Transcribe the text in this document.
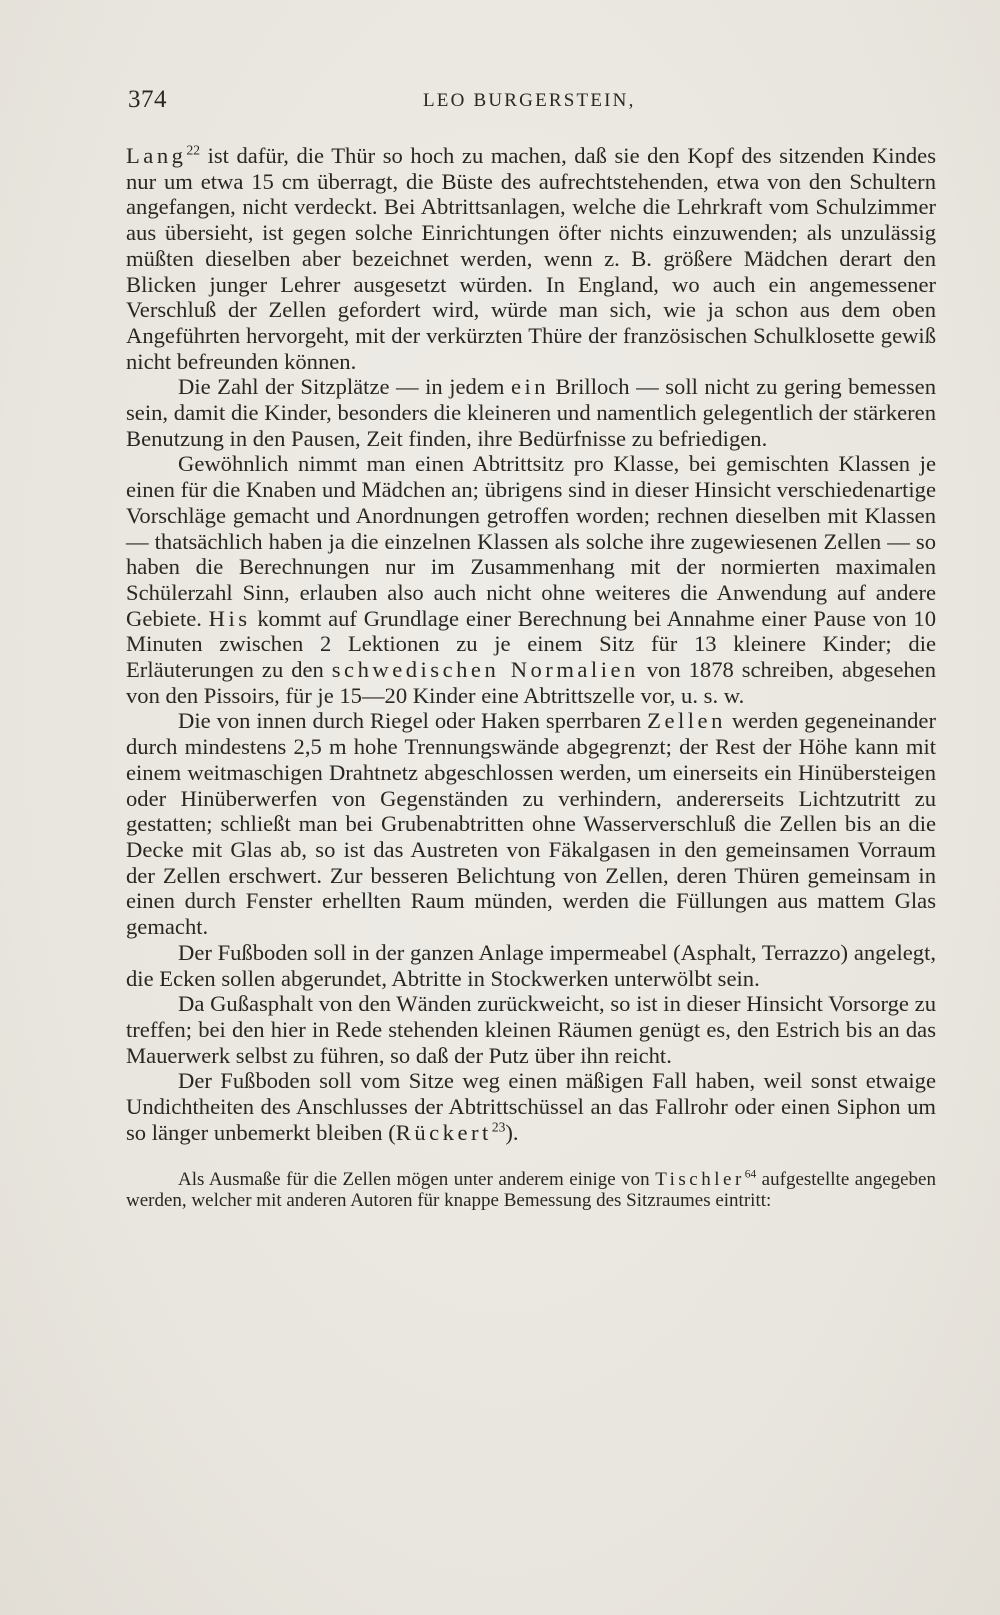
374	LEO BURGERSTEIN,

Lang$^{22}$ ist dafür, die Thür so hoch zu machen, daß sie den Kopf des sitzenden Kindes nur um etwa 15 cm überragt, die Büste des aufrechtstehenden, etwa von den Schultern angefangen, nicht verdeckt. Bei Abtrittsanlagen, welche die Lehrkraft vom Schulzimmer aus übersieht, ist gegen solche Einrichtungen öfter nichts einzuwenden; als unzulässig müßten dieselben aber bezeichnet werden, wenn z. B. größere Mädchen derart den Blicken junger Lehrer ausgesetzt würden. In England, wo auch ein angemessener Verschluß der Zellen gefordert wird, würde man sich, wie ja schon aus dem oben Angeführten hervorgeht, mit der verkürzten Thüre der französischen Schulklosette gewiß nicht befreunden können.

Die Zahl der Sitzplätze — in jedem ein Brilloch — soll nicht zu gering bemessen sein, damit die Kinder, besonders die kleineren und namentlich gelegentlich der stärkeren Benutzung in den Pausen, Zeit finden, ihre Bedürfnisse zu befriedigen.

Gewöhnlich nimmt man einen Abtrittsitz pro Klasse, bei gemischten Klassen je einen für die Knaben und Mädchen an; übrigens sind in dieser Hinsicht verschiedenartige Vorschläge gemacht und Anordnungen getroffen worden; rechnen dieselben mit Klassen — thatsächlich haben ja die einzelnen Klassen als solche ihre zugewiesenen Zellen — so haben die Berechnungen nur im Zusammenhang mit der normierten maximalen Schülerzahl Sinn, erlauben also auch nicht ohne weiteres die Anwendung auf andere Gebiete. His kommt auf Grundlage einer Berechnung bei Annahme einer Pause von 10 Minuten zwischen 2 Lektionen zu je einem Sitz für 13 kleinere Kinder; die Erläuterungen zu den schwedischen Normalien von 1878 schreiben, abgesehen von den Pissoirs, für je 15—20 Kinder eine Abtrittszelle vor, u. s. w.

Die von innen durch Riegel oder Haken sperrbaren Zellen werden gegeneinander durch mindestens 2,5 m hohe Trennungswände abgegrenzt; der Rest der Höhe kann mit einem weitmaschigen Drahtnetz abgeschlossen werden, um einerseits ein Hinübersteigen oder Hinüberwerfen von Gegenständen zu verhindern, andererseits Lichtzutritt zu gestatten; schließt man bei Grubenabtritten ohne Wasserverschluß die Zellen bis an die Decke mit Glas ab, so ist das Austreten von Fäkalgasen in den gemeinsamen Vorraum der Zellen erschwert. Zur besseren Belichtung von Zellen, deren Thüren gemeinsam in einen durch Fenster erhellten Raum münden, werden die Füllungen aus mattem Glas gemacht.

Der Fußboden soll in der ganzen Anlage impermeabel (Asphalt, Terrazzo) angelegt, die Ecken sollen abgerundet, Abtritte in Stockwerken unterwölbt sein.

Da Gußasphalt von den Wänden zurückweicht, so ist in dieser Hinsicht Vorsorge zu treffen; bei den hier in Rede stehenden kleinen Räumen genügt es, den Estrich bis an das Mauerwerk selbst zu führen, so daß der Putz über ihn reicht.

Der Fußboden soll vom Sitze weg einen mäßigen Fall haben, weil sonst etwaige Undichtheiten des Anschlusses der Abtrittschüssel an das Fallrohr oder einen Siphon um so länger unbemerkt bleiben (Rückert$^{23}$).

Als Ausmaße für die Zellen mögen unter anderem einige von Tischler$^{64}$ aufgestellte angegeben werden, welcher mit anderen Autoren für knappe Bemessung des Sitzraumes eintritt:
